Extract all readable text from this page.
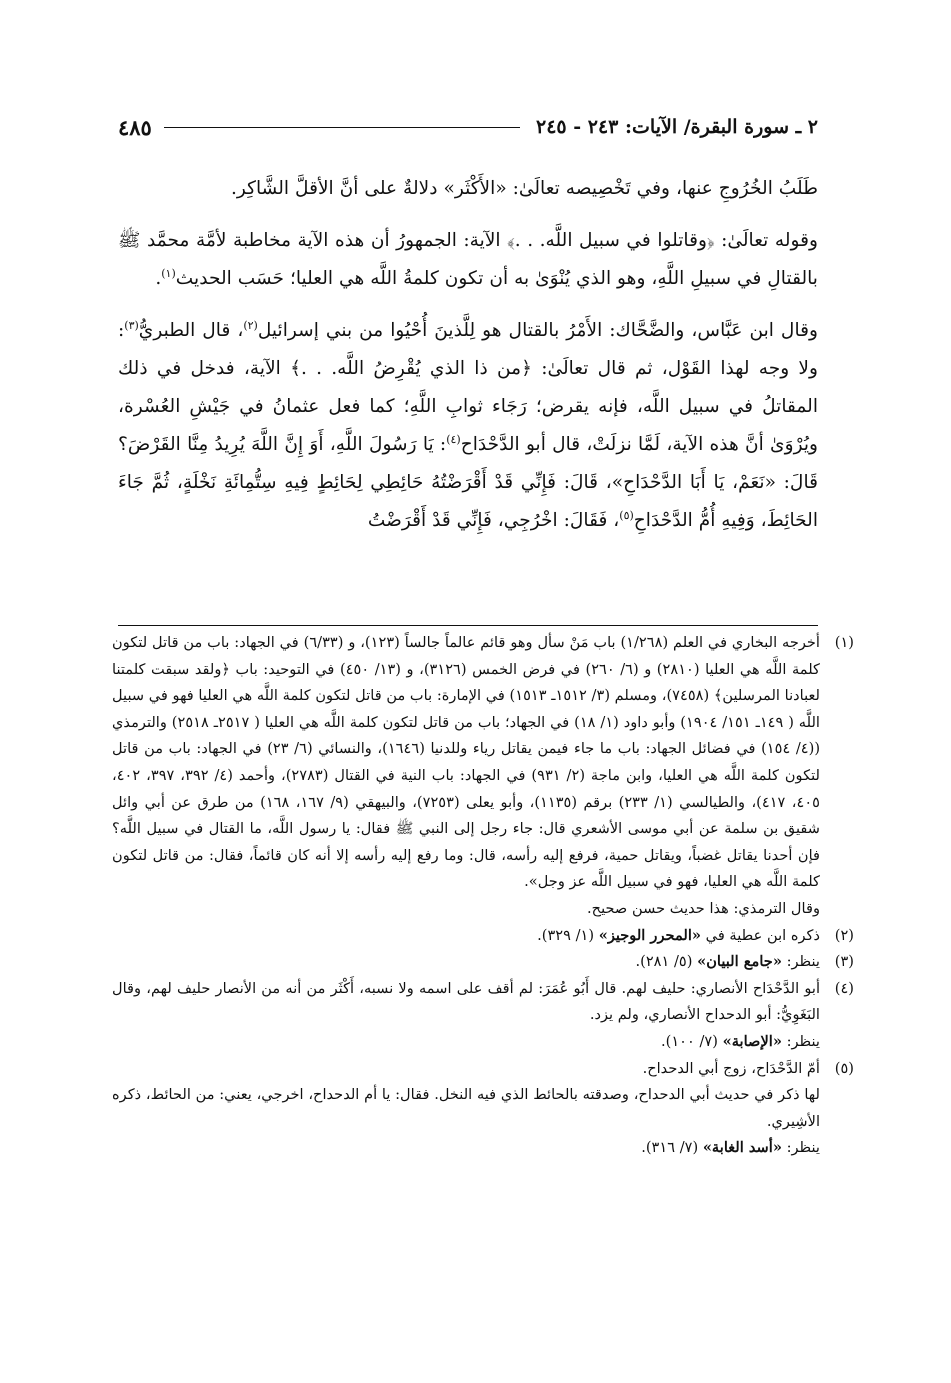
٢ ـ سورة البقرة/ الآيات: ٢٤٣ - ٢٤٥
٤٨٥

طَلَبُ الخُرُوجِ عنها، وفي تَخْصِيصه تعالَىٰ: «الأَكْثَر» دلالةٌ على أنَّ الأقلَّ الشَّاكِر.

وقوله تعالَىٰ: ﴿وقاتلوا في سبيل اللَّه. . .﴾ الآية: الجمهورُ أن هذه الآية مخاطبة لأمَّة محمَّد ﷺ بالقتالِ في سبيلِ اللَّهِ، وهو الذي يُنْوَىٰ به أن تكون كلمةُ اللَّه هي العليا؛ حَسَب الحديث$^{(١)}$.

وقال ابن عَبَّاس، والضَّحَّاك: الأَمْرُ بالقتال هو لِلَّذينَ أُحْيُوا من بني إسرائيل$^{(٢)}$، قال الطبريُّ$^{(٣)}$: ولا وجه لهذا القَوْل، ثم قال تعالَىٰ: ﴿من ذا الذي يُقْرِضُ اللَّه. . .﴾ الآية، فدخل في ذلك المقاتلُ في سبيل اللَّه، فإنه يقرض؛ رَجَاء ثوابِ اللَّهِ؛ كما فعل عثمانُ في جَيْشِ العُسْرة، ويُرْوَىٰ أنَّ هذه الآية، لَمَّا نزلَتْ، قال أبو الدَّحْدَاح$^{(٤)}$: يَا رَسُولَ اللَّهِ، أَوَ إِنَّ اللَّهَ يُرِيدُ مِنَّا القَرْضَ؟ قَالَ: «نَعَمْ، يَا أَبَا الدَّحْدَاحِ»، قَالَ: فَإِنِّي قَدْ أَقْرَضْتُهُ حَائِطِي لِحَائِطٍ فِيهِ سِتُّمِائَةِ نَخْلَةٍ، ثُمَّ جَاءَ الحَائِطَ، وَفِيهِ أُمُّ الدَّحْدَاحِ$^{(٥)}$، فَقَالَ: اخْرُجِي، فَإِنِّي قَدْ أَقْرَضْتُ

(١)
أخرجه البخاري في العلم (١/٢٦٨) باب مَنْ سأل وهو قائم عالماً جالساً (١٢٣)، و (٦/٣٣) في الجهاد: باب من قاتل لتكون كلمة اللَّه هي العليا (٢٨١٠) و (٦/ ٢٦٠) في فرض الخمس (٣١٢٦)، و (١٣/ ٤٥٠) في التوحيد: باب ﴿ولقد سبقت كلمتنا لعبادنا المرسلين﴾ (٧٤٥٨)، ومسلم (٣/ ١٥١٢ـ ١٥١٣) في الإمارة: باب من قاتل لتكون كلمة اللَّه هي العليا فهو في سبيل اللَّه ( ١٤٩ـ ١٥١/ ١٩٠٤) وأبو داود (١/ ١٨) في الجهاد؛ باب من قاتل لتكون كلمة اللَّه هي العليا ( ٢٥١٧ـ ٢٥١٨) والترمذي ((٤/ ١٥٤) في فضائل الجهاد: باب ما جاء فيمن يقاتل رياء وللدنيا (١٦٤٦)، والنسائي (٦/ ٢٣) في الجهاد: باب من قاتل لتكون كلمة اللَّه هي العليا، وابن ماجة (٢/ ٩٣١) في الجهاد: باب النية في القتال (٢٧٨٣)، وأحمد (٤/ ٣٩٢، ٣٩٧، ٤٠٢، ٤٠٥، ٤١٧)، والطيالسي (١/ ٢٣٣) برقم (١١٣٥)، وأبو يعلى (٧٢٥٣)، والبيهقي (٩/ ١٦٧، ١٦٨) من طرق عن أبي وائل شقيق بن سلمة عن أبي موسى الأشعري قال: جاء رجل إلى النبي ﷺ فقال: يا رسول اللَّه، ما القتال في سبيل اللَّه؟ فإن أحدنا يقاتل غضباً، ويقاتل حمية، فرفع إليه رأسه، قال: وما رفع إليه رأسه إلا أنه كان قائماً، فقال: من قاتل لتكون كلمة اللَّه هي العليا، فهو في سبيل اللَّه عز وجل».
وقال الترمذي: هذا حديث حسن صحيح.
(٢)
ذكره ابن عطية في «المحرر الوجيز» (١/ ٣٢٩).
(٣)
ينظر: «جامع البيان» (٥/ ٢٨١).
(٤)
أبو الدَّحْدَاح الأنصاري: حليف لهم. قال أَبُو عُمَرَ: لم أقف على اسمه ولا نسبه، أَكْثَر من أنه من الأنصار حليف لهم، وقال البَغَوِيُّ: أبو الدحداح الأنصاري، ولم يزد.
ينظر: «الإصابة» (٧/ ١٠٠).
(٥)
أمّ الدَّحْدَاح، زوج أبي الدحداح.
لها ذكر في حديث أبي الدحداح، وصدقته بالحائط الذي فيه النخل. فقال: يا أم الدحداح، اخرجي، يعني: من الحائط، ذكره الأشِيري.
ينظر: «أسد الغابة» (٧/ ٣١٦).
